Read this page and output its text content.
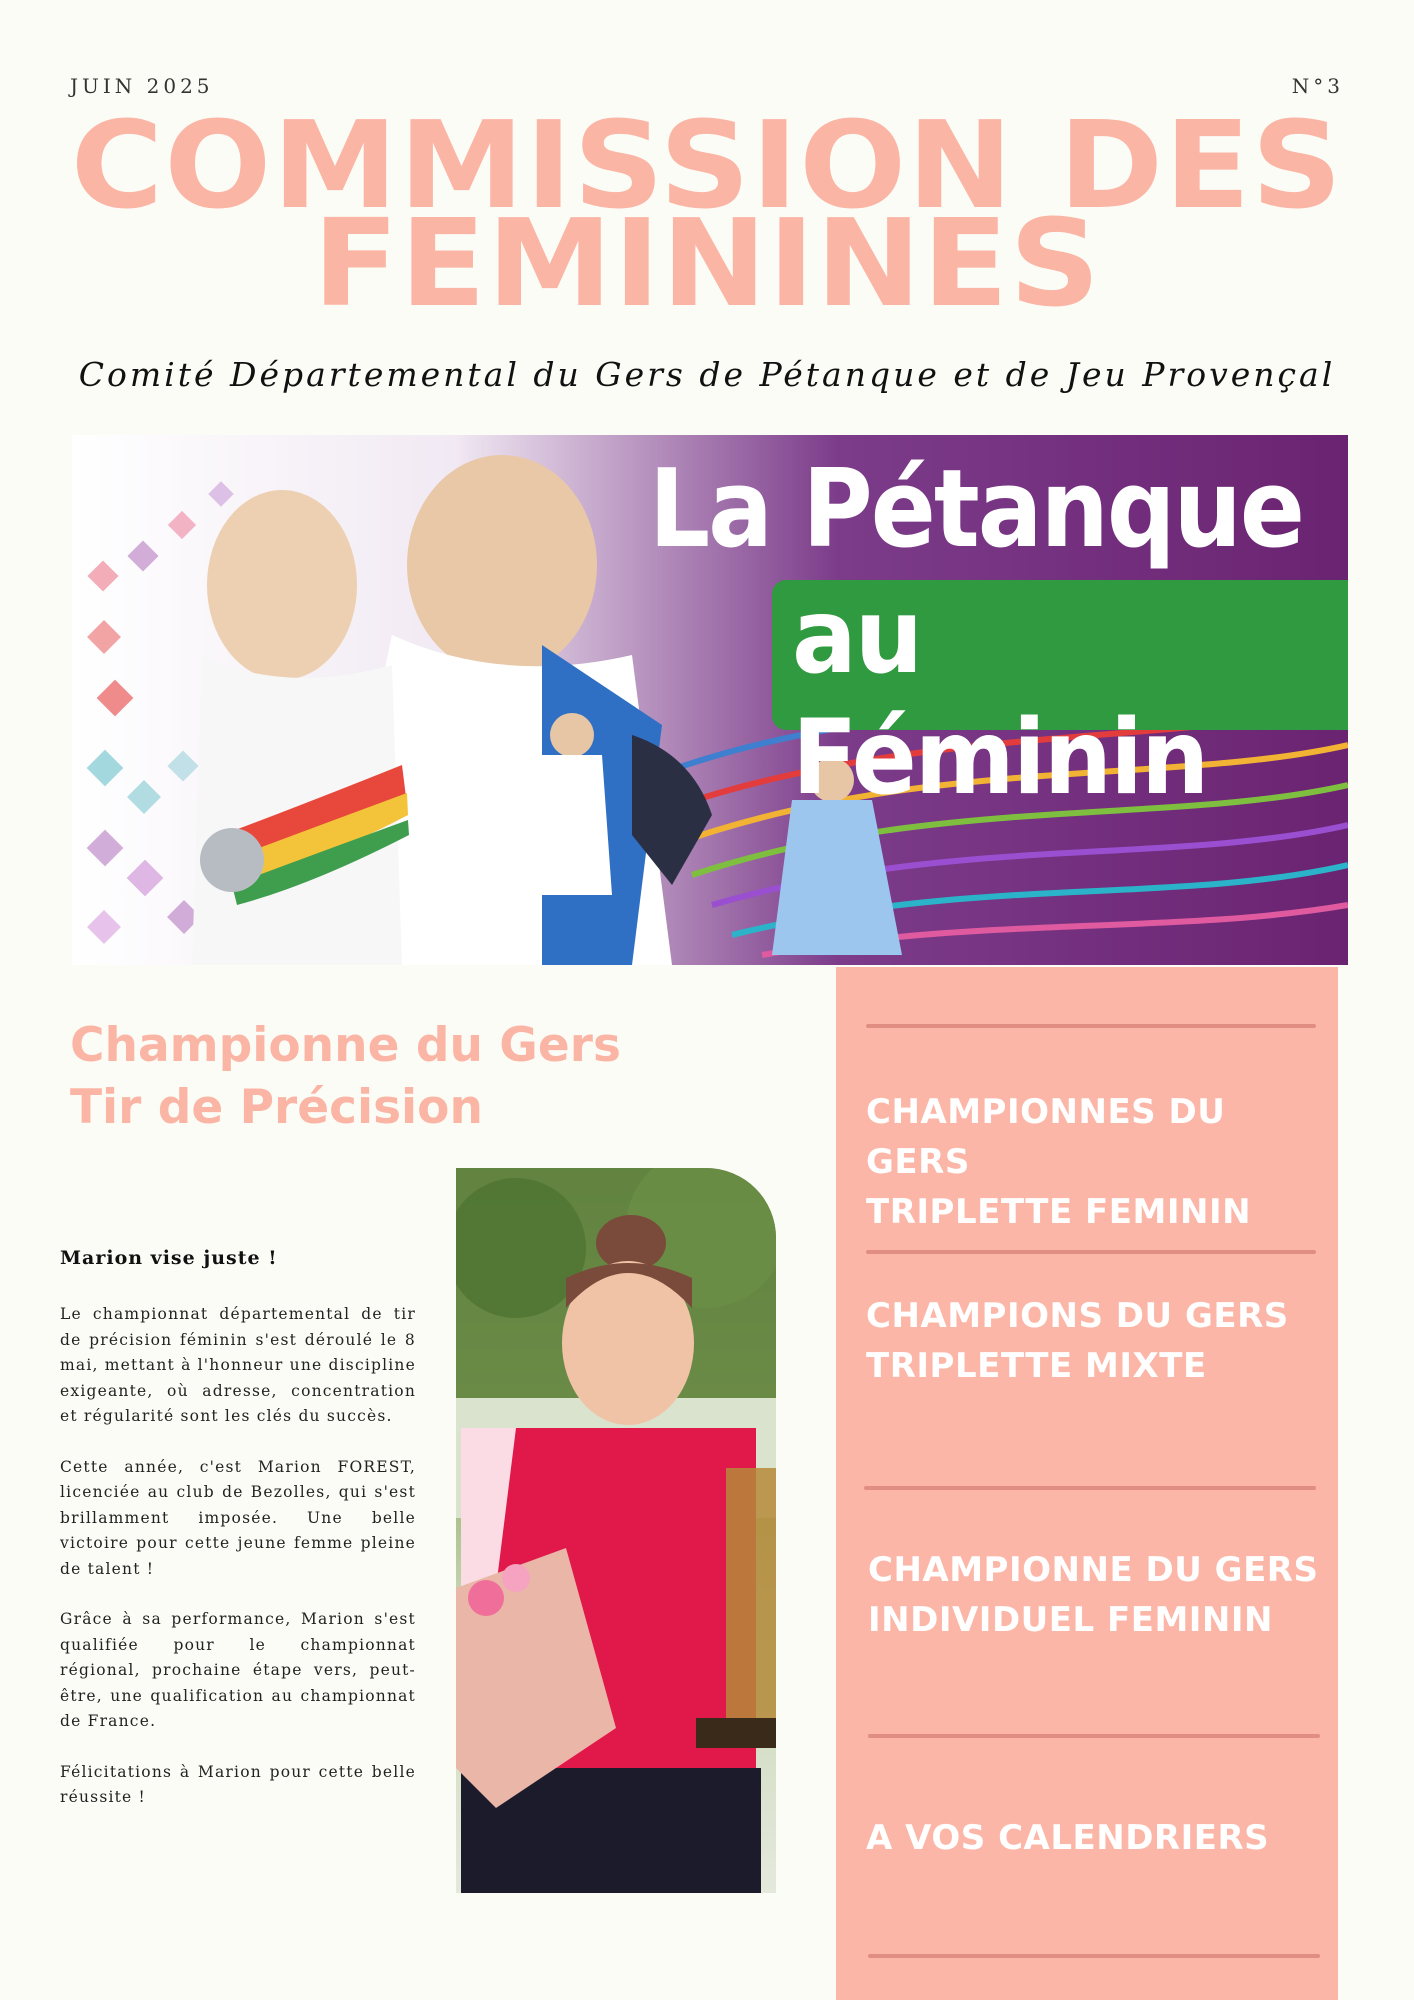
JUIN 2025	N°3
COMMISSION DES
FEMININES
Comité Départemental du Gers de Pétanque et de Jeu Provençal
La Pétanque
au Féminin
Championne du Gers
Tir de Précision
Marion vise juste !

Le championnat départemental de tir de précision féminin s'est déroulé le 8 mai, mettant à l'honneur une discipline exigeante, où adresse, concentration et régularité sont les clés du succès.

Cette année, c'est Marion FOREST, licenciée au club de Bezolles, qui s'est brillamment imposée. Une belle victoire pour cette jeune femme pleine de talent !

Grâce à sa performance, Marion s'est qualifiée pour le championnat régional, prochaine étape vers, peut-être, une qualification au championnat de France.

Félicitations à Marion pour cette belle réussite !

CHAMPIONNES DU GERS
TRIPLETTE FEMININ
CHAMPIONS DU GERS
TRIPLETTE MIXTE
CHAMPIONNE DU GERS
INDIVIDUEL FEMININ
A VOS CALENDRIERS
